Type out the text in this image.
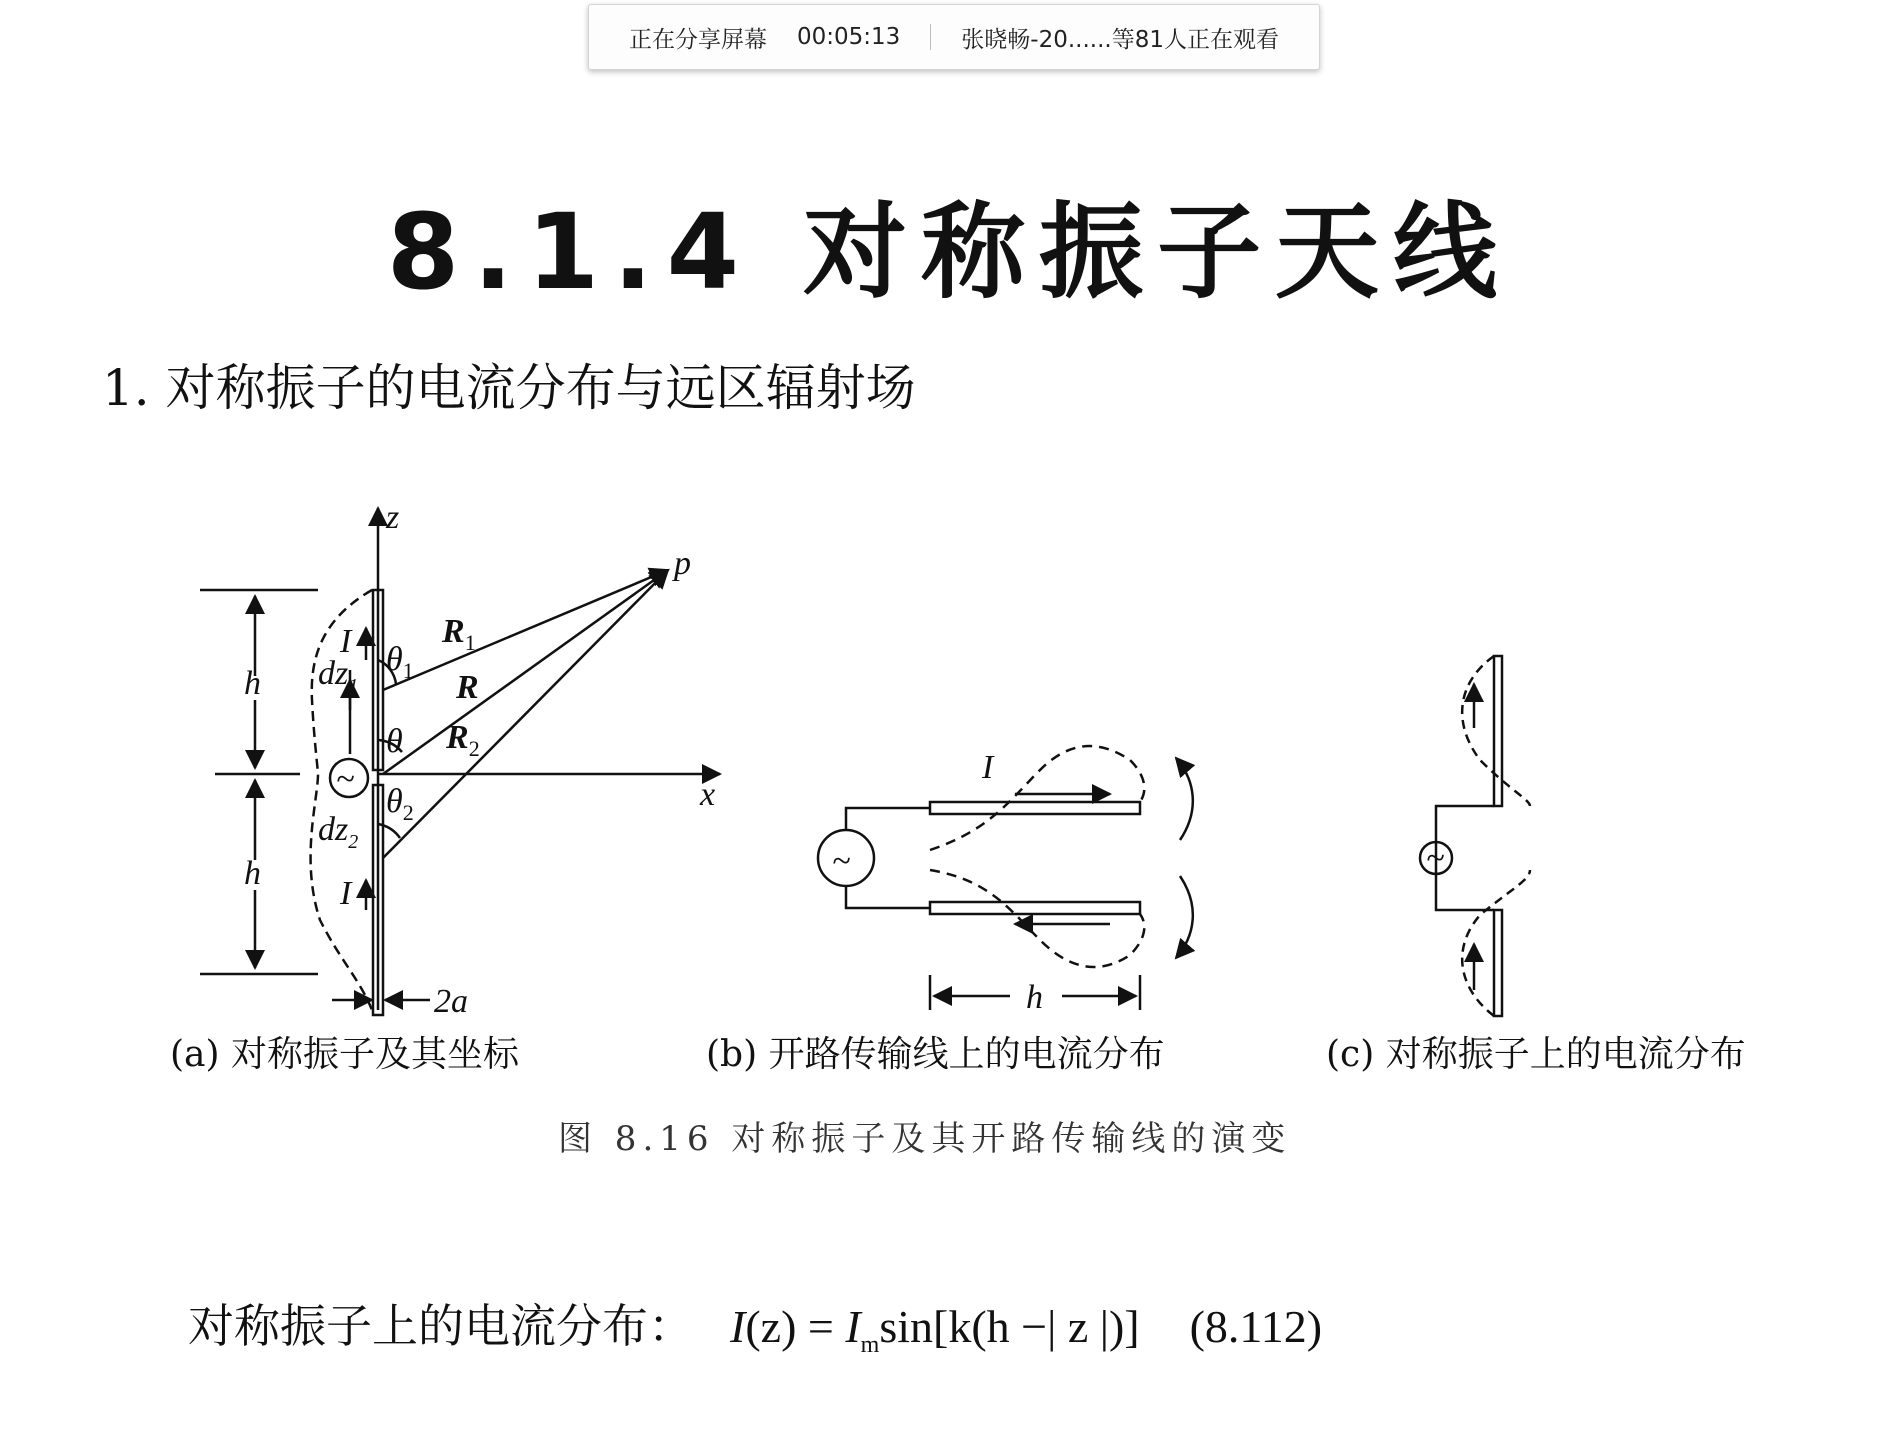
正在分享屏幕 00:05:13	张晓畅-20......等81人正在观看
8.1.4 对称振子天线
1. 对称振子的电流分布与远区辐射场
z
x
p
h
h
$R_1$
R
$R_2$
$\theta_1$
θ
$\theta_2$
I
I
$dz_1$
$dz_2$
2a
~
(a) 对称振子及其坐标
I
h
~
(b) 开路传输线上的电流分布
~
(c) 对称振子上的电流分布
图 8.16 对称振子及其开路传输线的演变
对称振子上的电流分布： $I(z) = I_m\sin[k(h$ −| z |)] (8.112)
